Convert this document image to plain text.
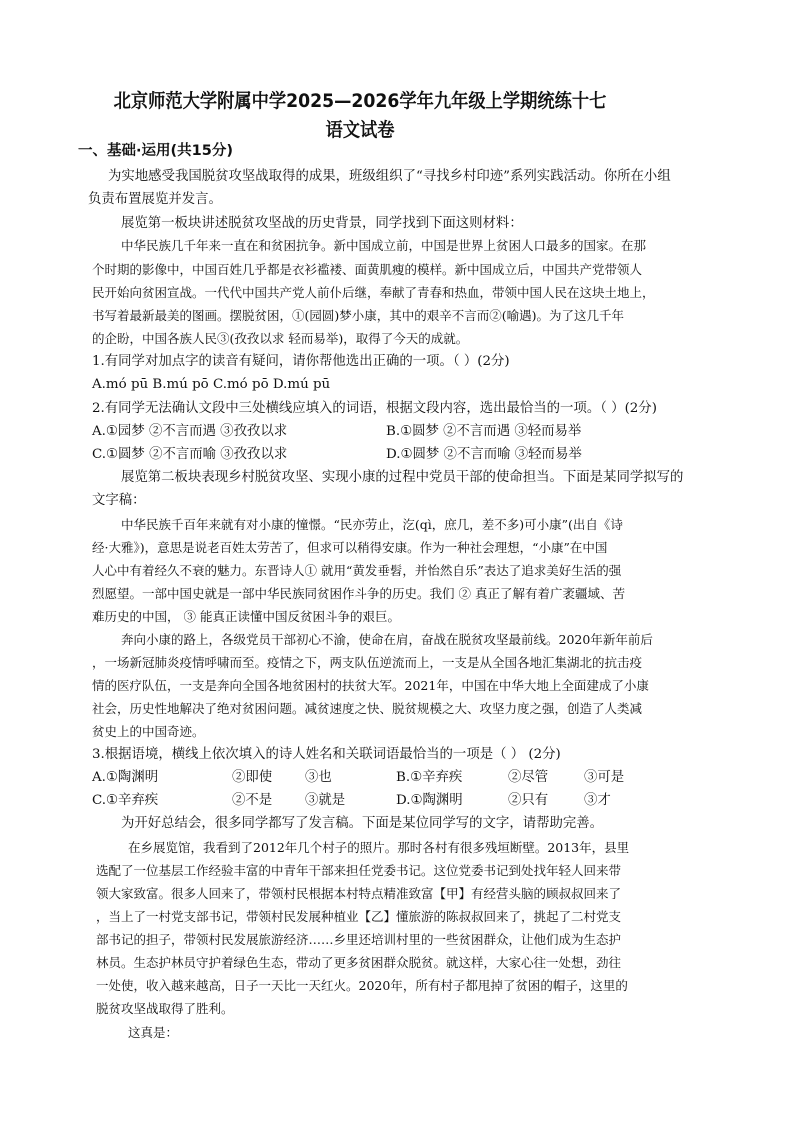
北京师范大学附属中学2025—2026学年九年级上学期统练十七
语文试卷
一、基础·运用(共15分)
为实地感受我国脱贫攻坚战取得的成果，班级组织了“寻找乡村印迹”系列实践活动。你所在小组
负责布置展览并发言。
展览第一板块讲述脱贫攻坚战的历史背景，同学找到下面这则材料：
中华民族几千年来一直在和贫困抗争。新中国成立前，中国是世界上贫困人口最多的国家。在那
个时期的影像中，中国百姓几乎都是衣衫褴褛、面黄肌瘦的模样。新中国成立后，中国共产党带领人
民开始向贫困宣战。一代代中国共产党人前仆后继，奉献了青春和热血，带领中国人民在这块土地上，
书写着最新最美的图画。摆脱贫困，①(园圆)梦小康，其中的艰辛不言而②(喻遇)。为了这几千年
的企盼，中国各族人民③(孜孜以求 轻而易举)，取得了今天的成就。
1.有同学对加点字的读音有疑问，请你帮他选出正确的一项。（ ）(2分)
A.mó pū B.mú pō C.mó pō D.mú pū
2.有同学无法确认文段中三处横线应填入的词语，根据文段内容，选出最恰当的一项。（ ）(2分)
A.①园梦 ②不言而遇 ③孜孜以求	B.①圆梦 ②不言而遇 ③轻而易举
C.①圆梦 ②不言而喻 ③孜孜以求	D.①圆梦 ②不言而喻 ③轻而易举
展览第二板块表现乡村脱贫攻坚、实现小康的过程中党员干部的使命担当。下面是某同学拟写的
文字稿：
中华民族千百年来就有对小康的憧憬。“民亦劳止，汔(qì，庶几，差不多)可小康”(出自《诗
经·大雅》)，意思是说老百姓太劳苦了，但求可以稍得安康。作为一种社会理想，“小康”在中国
人心中有着经久不衰的魅力。东晋诗人① 就用“黄发垂髫，并怡然自乐”表达了追求美好生活的强
烈愿望。一部中国史就是一部中华民族同贫困作斗争的历史。我们 ② 真正了解有着广袤疆域、苦
难历史的中国， ③ 能真正读懂中国反贫困斗争的艰巨。
奔向小康的路上，各级党员干部初心不渝，使命在肩，奋战在脱贫攻坚最前线。2020年新年前后
，一场新冠肺炎疫情呼啸而至。疫情之下，两支队伍逆流而上，一支是从全国各地汇集湖北的抗击疫
情的医疗队伍，一支是奔向全国各地贫困村的扶贫大军。2021年，中国在中华大地上全面建成了小康
社会，历史性地解决了绝对贫困问题。减贫速度之快、脱贫规模之大、攻坚力度之强，创造了人类减
贫史上的中国奇迹。
3.根据语境，横线上依次填入的诗人姓名和关联词语最恰当的一项是（ ） (2分)
A.①陶渊明	②即使 ③也	B.①辛弃疾	②尽管	③可是
C.①辛弃疾	②不是 ③就是	D.①陶渊明	②只有	③才
为开好总结会，很多同学都写了发言稿。下面是某位同学写的文字，请帮助完善。
在乡展览馆，我看到了2012年几个村子的照片。那时各村有很多残垣断壁。2013年，县里
选配了一位基层工作经验丰富的中青年干部来担任党委书记。这位党委书记到处找年轻人回来带
领大家致富。很多人回来了，带领村民根据本村特点精准致富【甲】有经营头脑的顾叔叔回来了
，当上了一村党支部书记，带领村民发展种植业【乙】懂旅游的陈叔叔回来了，挑起了二村党支
部书记的担子，带领村民发展旅游经济……乡里还培训村里的一些贫困群众，让他们成为生态护
林员。生态护林员守护着绿色生态，带动了更多贫困群众脱贫。就这样，大家心往一处想，劲往
一处使，收入越来越高，日子一天比一天红火。2020年，所有村子都甩掉了贫困的帽子，这里的
脱贫攻坚战取得了胜利。
这真是：
